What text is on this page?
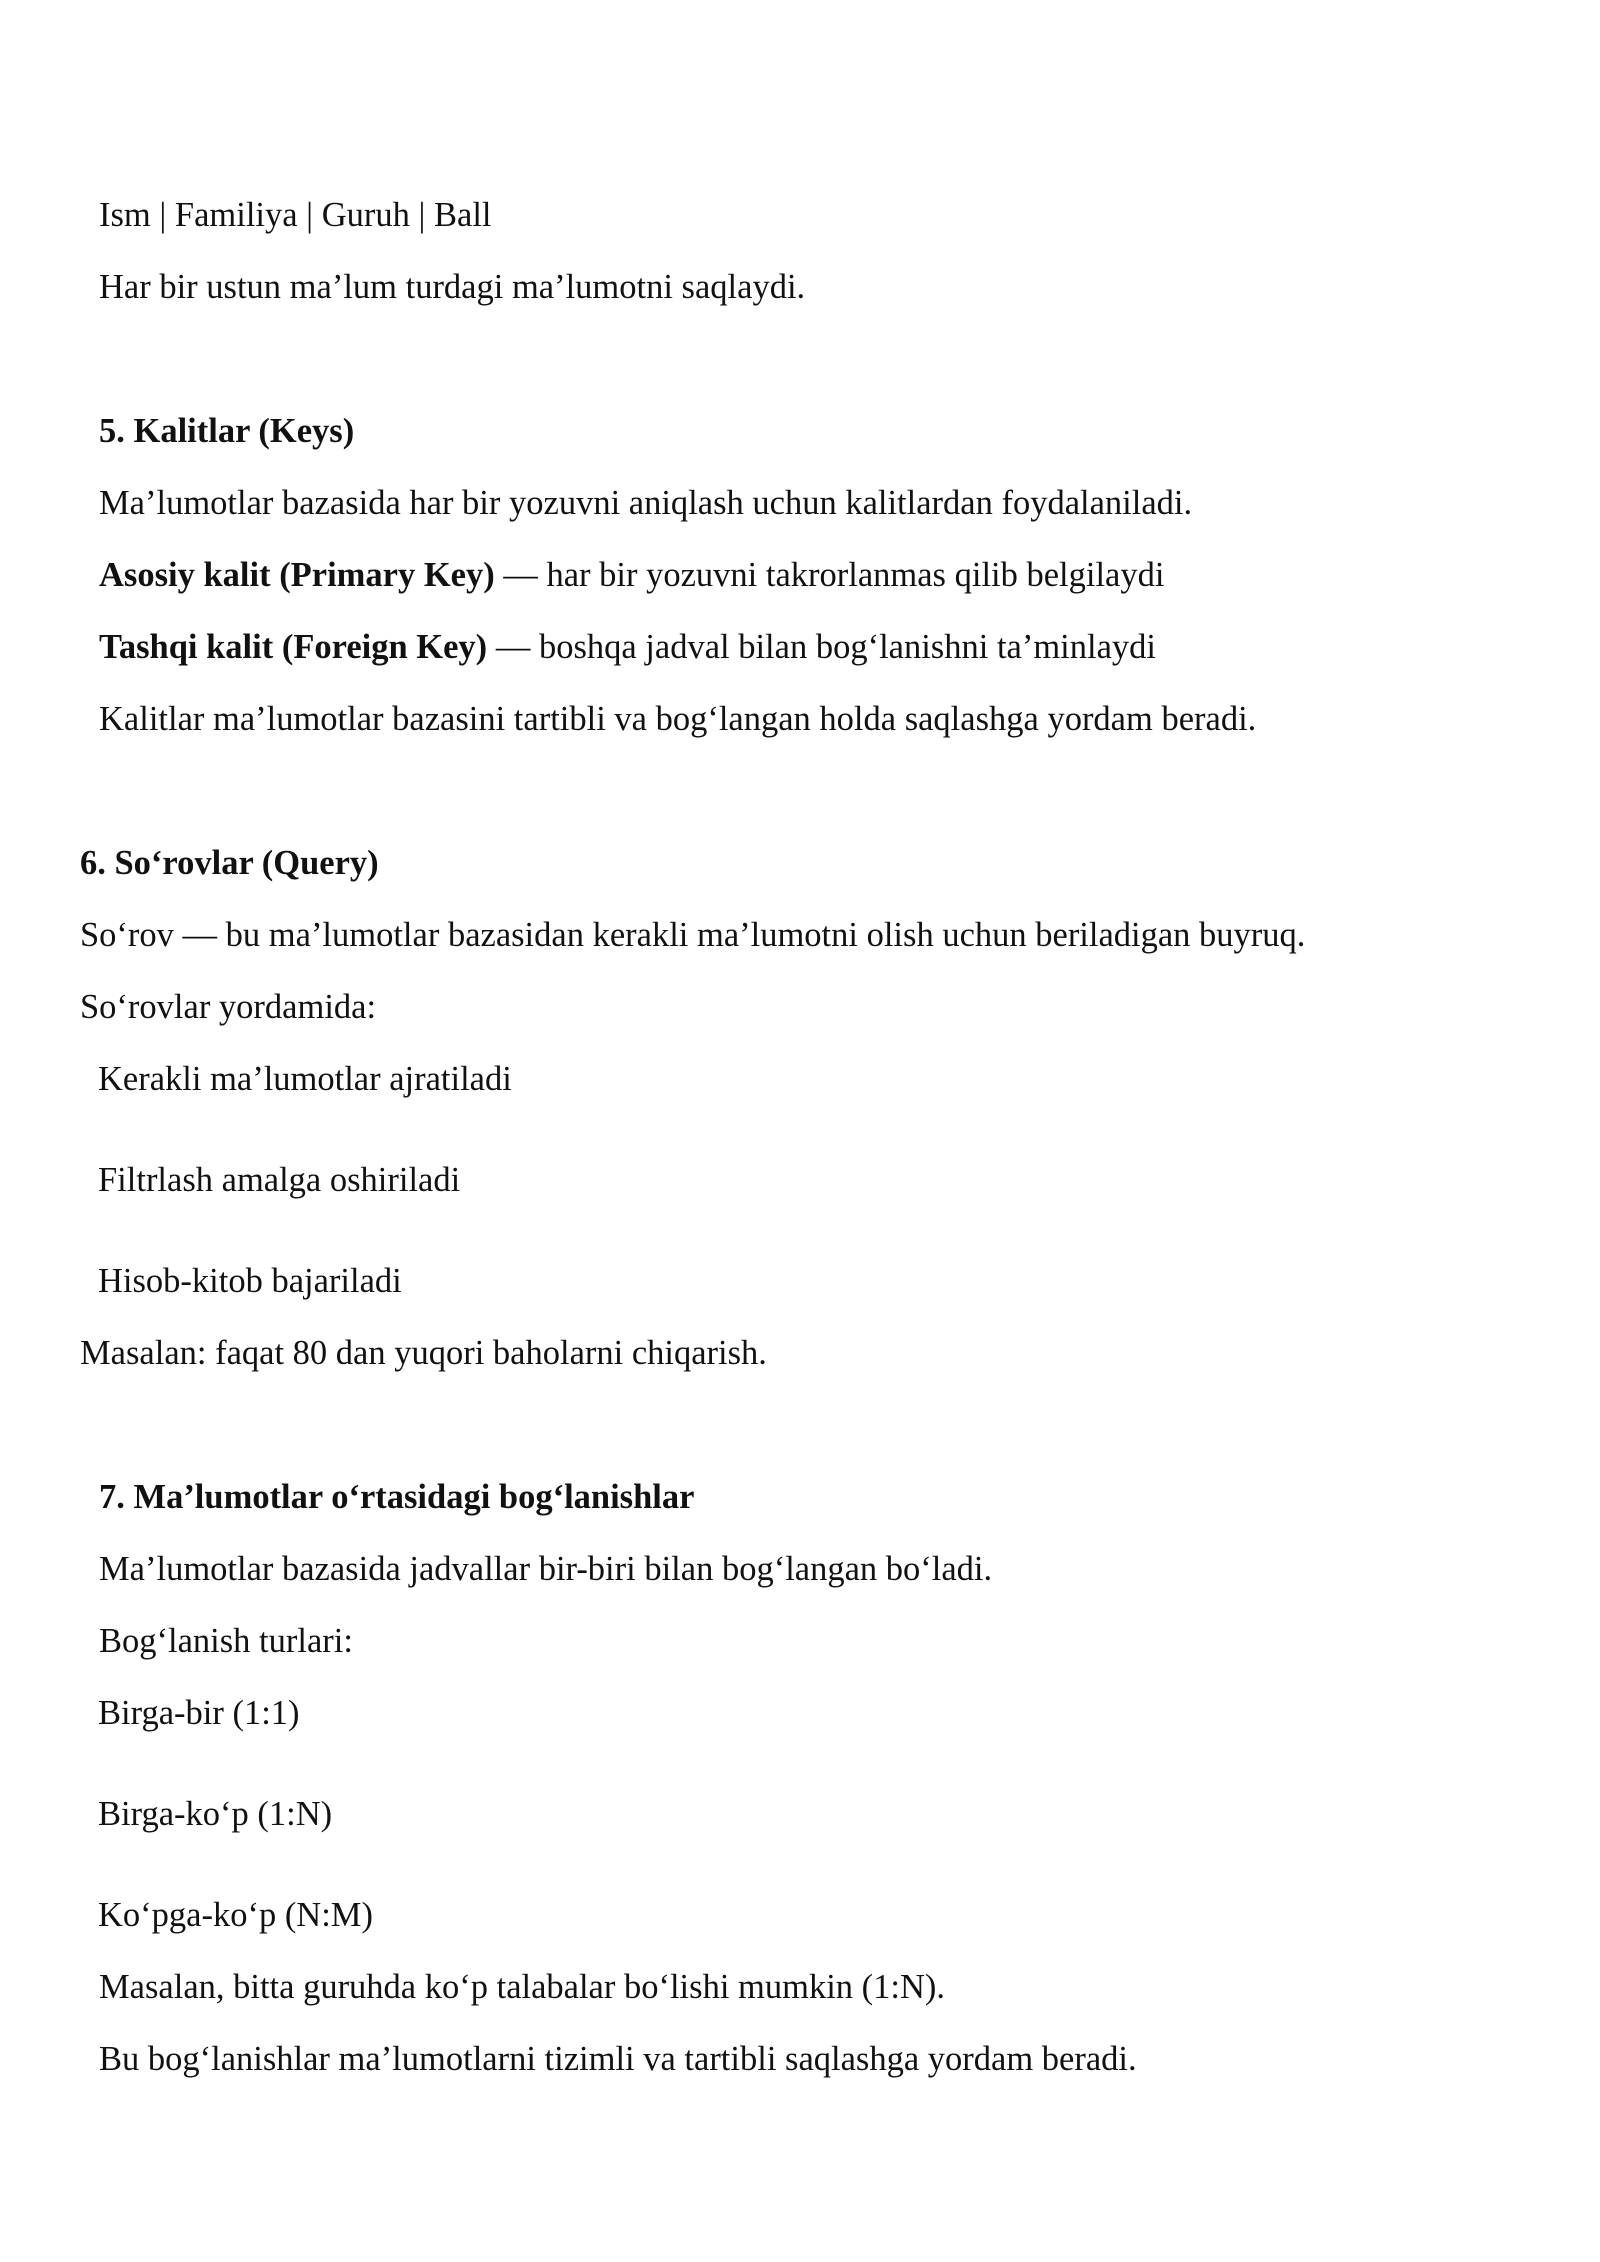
Ism | Familiya | Guruh | Ball
Har bir ustun ma’lum turdagi ma’lumotni saqlaydi.
5. Kalitlar (Keys)
Ma’lumotlar bazasida har bir yozuvni aniqlash uchun kalitlardan foydalaniladi.
Asosiy kalit (Primary Key) — har bir yozuvni takrorlanmas qilib belgilaydi
Tashqi kalit (Foreign Key) — boshqa jadval bilan bog‘lanishni ta’minlaydi
Kalitlar ma’lumotlar bazasini tartibli va bog‘langan holda saqlashga yordam beradi.
6. So‘rovlar (Query)
So‘rov — bu ma’lumotlar bazasidan kerakli ma’lumotni olish uchun beriladigan buyruq.
So‘rovlar yordamida:
Kerakli ma’lumotlar ajratiladi
Filtrlash amalga oshiriladi
Hisob-kitob bajariladi
Masalan: faqat 80 dan yuqori baholarni chiqarish.
7. Ma’lumotlar o‘rtasidagi bog‘lanishlar
Ma’lumotlar bazasida jadvallar bir-biri bilan bog‘langan bo‘ladi.
Bog‘lanish turlari:
Birga-bir (1:1)
Birga-ko‘p (1:N)
Ko‘pga-ko‘p (N:M)
Masalan, bitta guruhda ko‘p talabalar bo‘lishi mumkin (1:N).
Bu bog‘lanishlar ma’lumotlarni tizimli va tartibli saqlashga yordam beradi.
